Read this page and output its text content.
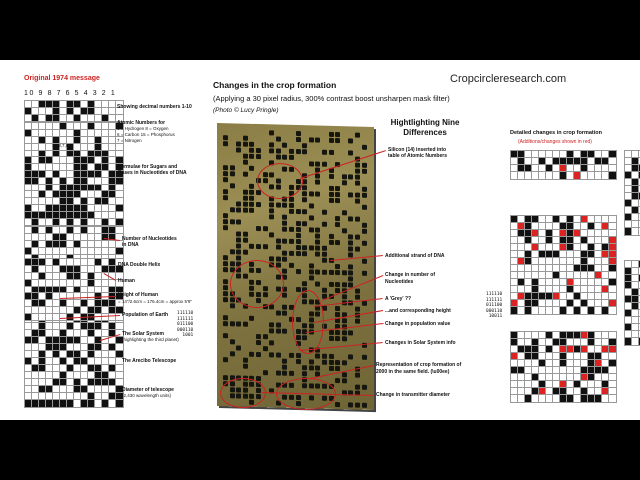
Cropcircleresearch.com
Original 1974 message
10 9 8 7 6 5 4 3 2 1
Showing decimal numbers 1-10
Atomic Numbers for
1 = Hydrogen 8 = Oxygen
6 = Carbon 15 = Phosphorus
7 = Nitrogen
15,8,7,6,1
Formulae for Sugars and
Bases in Nucleotides of DNA
Number of Nucleotides
in DNA
DNA Double Helix
Human
Height of Human
= 14"/2.6cm = 176.4cm = approx 5'9"
Population of Earth
The Solar System
(highlighting the third planet)
The Arecibo Telescope
Diameter of telescope
(2,430 wavelength units)
111110
111111
011100
000110
1001
Changes in the crop formation
(Applying a 30 pixel radius, 300% contrast boost unsharpen mask filter)
(Photo © Lucy Pringle)
Hightlighting Nine Differences
Silicon (14) inserted into
table of Atomic Numbers
Additional strand of DNA
Change in number of
Nucleotides
A 'Grey' ??
...and corresponding height
Change in population value
Changes in Solar System info
Representation of crop formation of
2000 in the same field. (\u00ee)
Change in transmitter diameter
Detailed changes in crop formation
(Additions/changes shown in red)
111110
111111
011100
000110
10011
